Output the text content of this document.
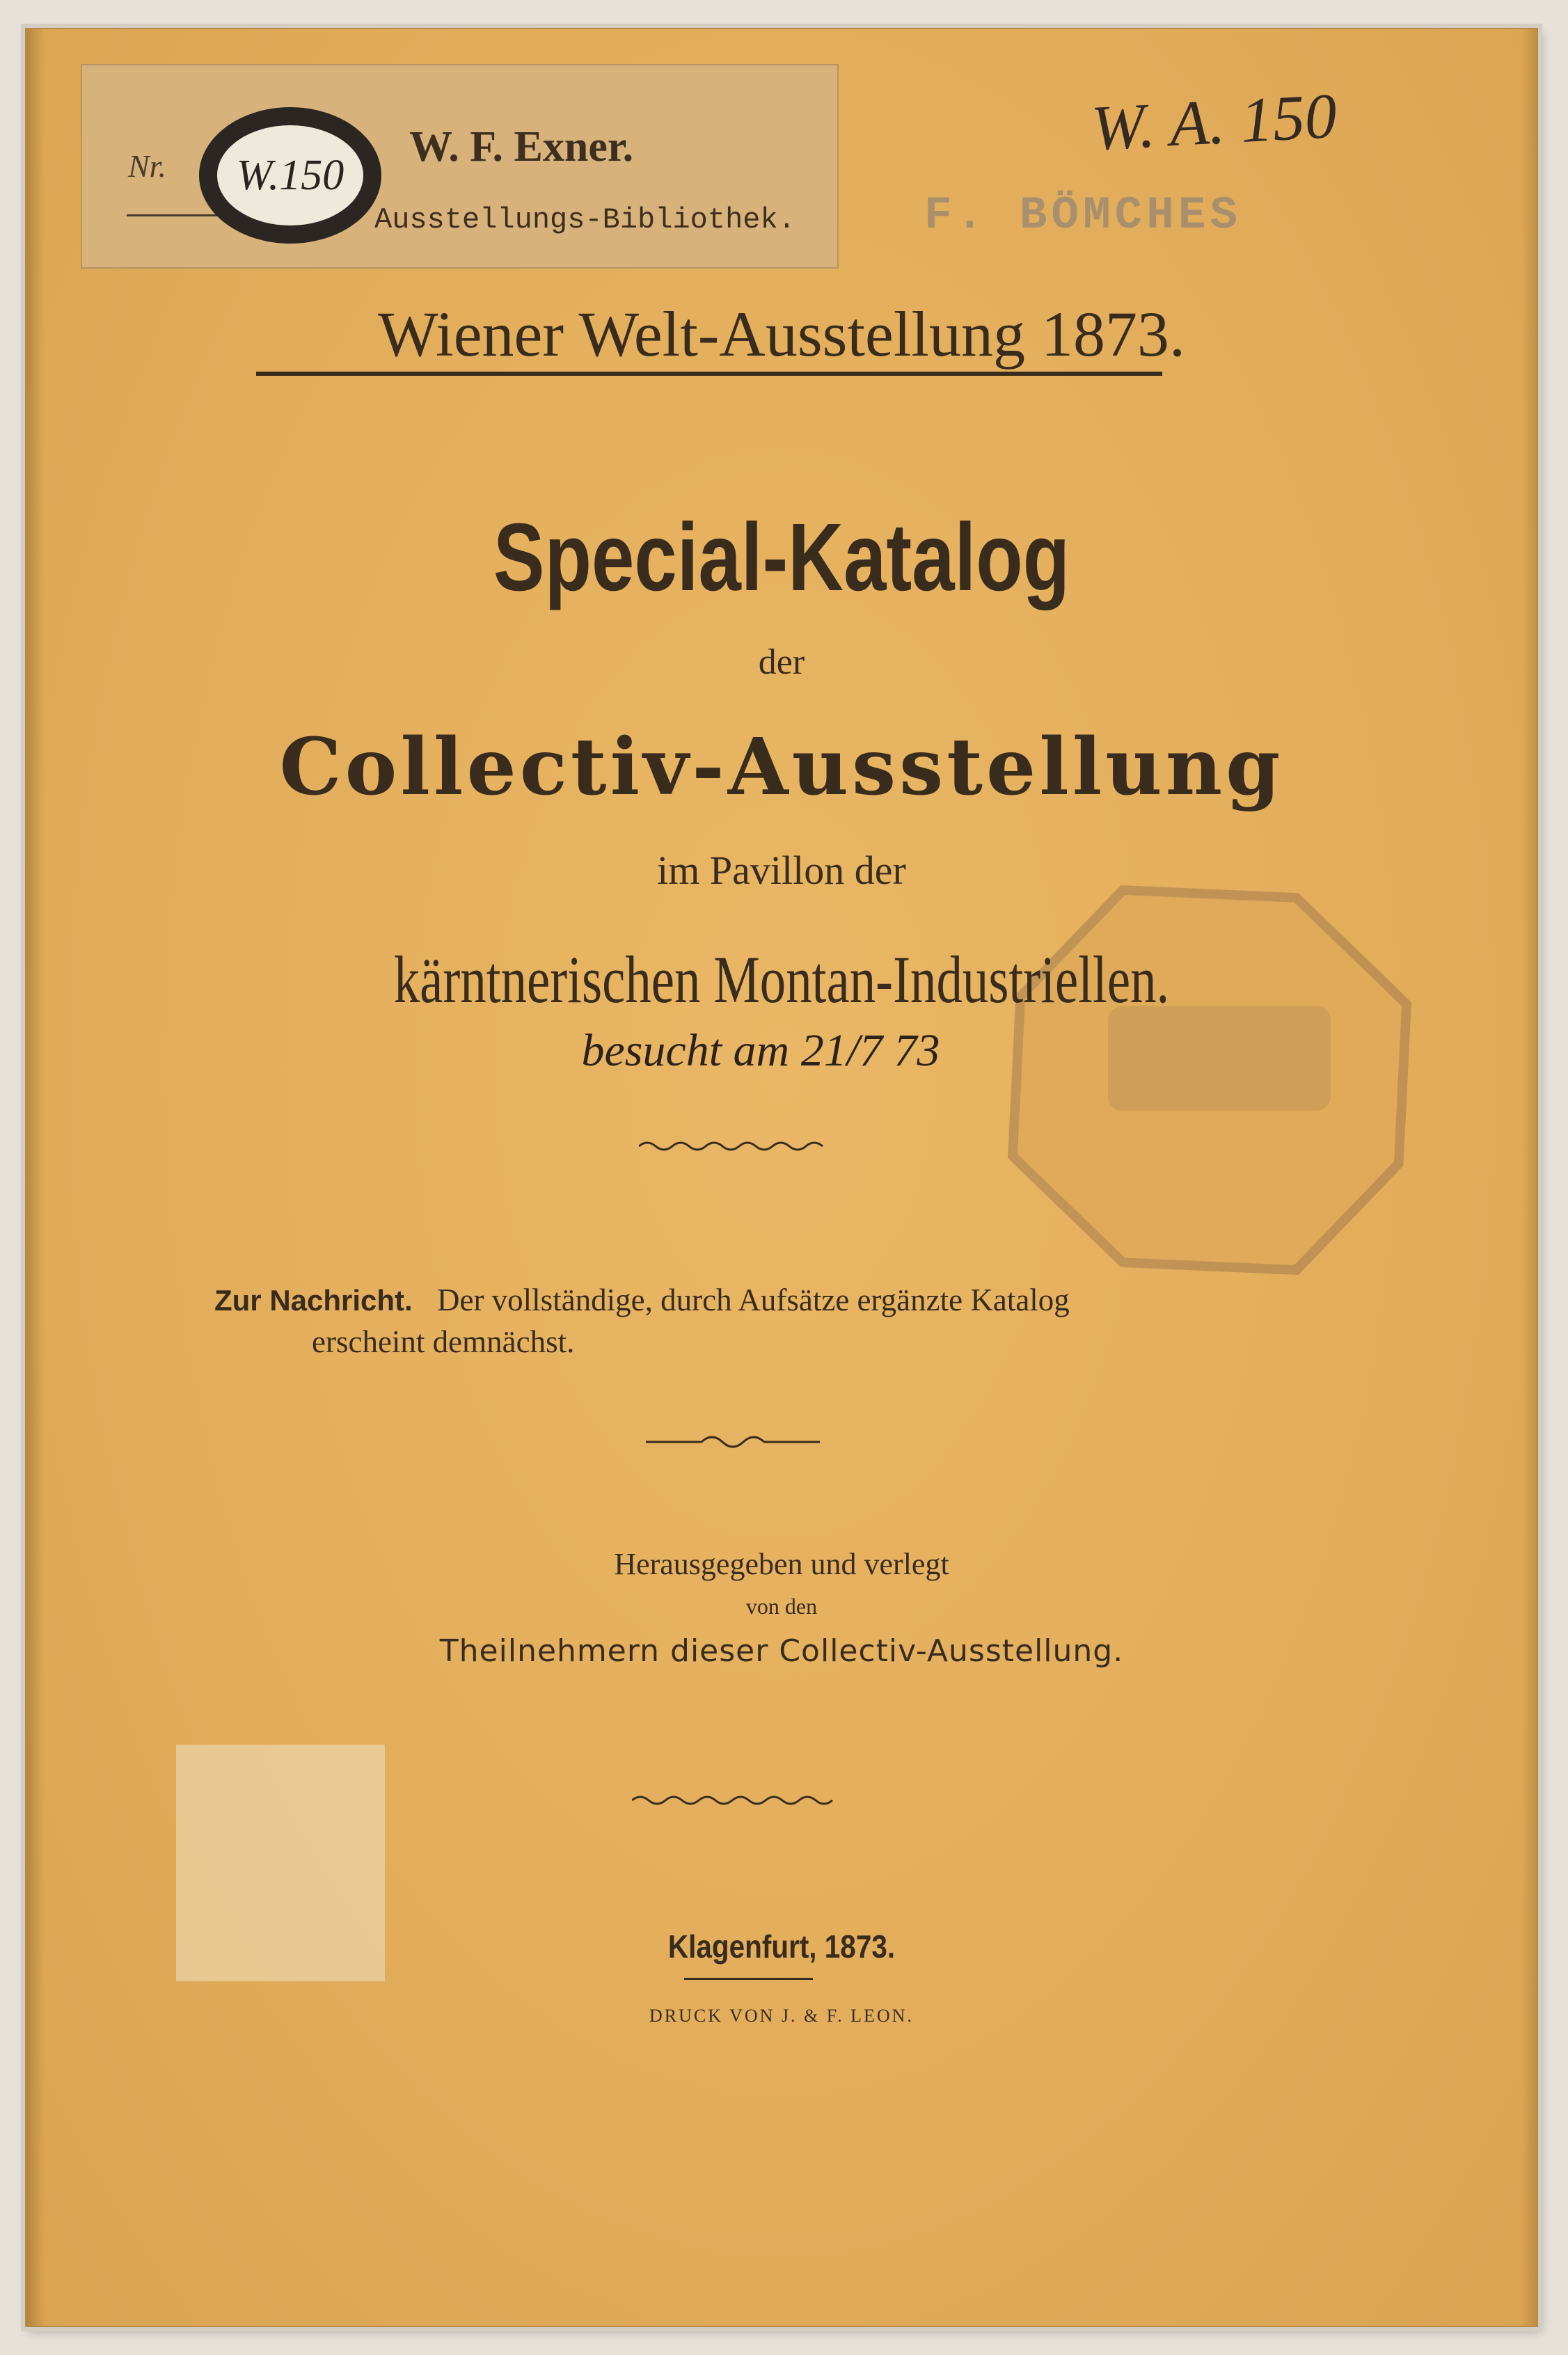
Nr.	W.150
W. F. Exner.
Ausstellungs-Bibliothek.
W. A. 150
F. BÖMCHES
Wiener Welt-Ausstellung 1873.
Special-Katalog
der
Collectiv-Ausstellung
im Pavillon der
kärntnerischen Montan-Industriellen.
besucht am 21/7 73
Zur Nachricht. Der vollständige, durch Aufsätze ergänzte Katalog
erscheint demnächst.
Herausgegeben und verlegt
von den
Theilnehmern dieser Collectiv-Ausstellung.
Klagenfurt, 1873.
DRUCK VON J. & F. LEON.
